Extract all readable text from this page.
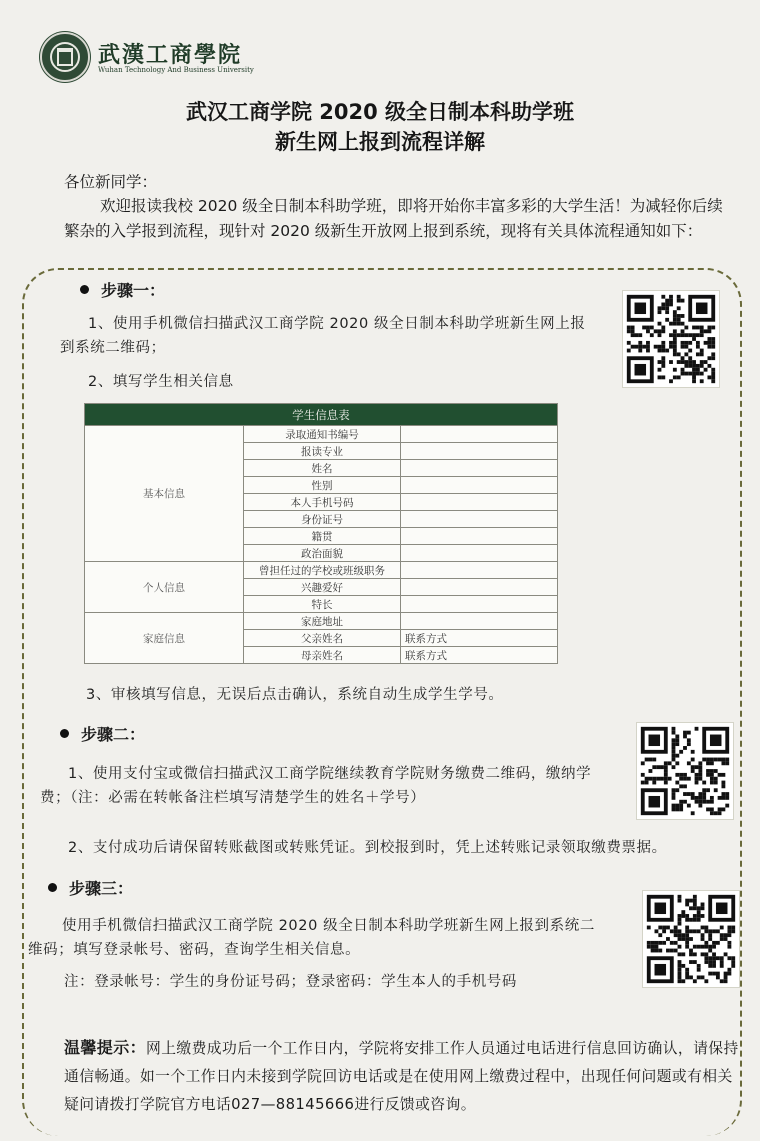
武漢工商學院
Wuhan Technology And Business University
武汉工商学院 2020 级全日制本科助学班
新生网上报到流程详解
各位新同学：
欢迎报读我校 2020 级全日制本科助学班，即将开始你丰富多彩的大学生活！为减轻你后续繁杂的入学报到流程，现针对 2020 级新生开放网上报到系统，现将有关具体流程通知如下：
步骤一：
1、使用手机微信扫描武汉工商学院 2020 级全日制本科助学班新生网上报到系统二维码；
2、填写学生相关信息
学生信息表		
基本信息	录取通知书编号	
	报读专业	
	姓名	
	性别	
	本人手机号码	
	身份证号	
	籍贯	
	政治面貌	
个人信息	曾担任过的学校或班级职务	
	兴趣爱好	
	特长	
家庭信息	家庭地址	
	父亲姓名	联系方式
	母亲姓名	联系方式
3、审核填写信息，无误后点击确认，系统自动生成学生学号。
步骤二：
1、使用支付宝或微信扫描武汉工商学院继续教育学院财务缴费二维码，缴纳学费；（注：必需在转帐备注栏填写清楚学生的姓名＋学号）
2、支付成功后请保留转账截图或转账凭证。到校报到时，凭上述转账记录领取缴费票据。
步骤三：
使用手机微信扫描武汉工商学院 2020 级全日制本科助学班新生网上报到系统二维码；填写登录帐号、密码，查询学生相关信息。
注：登录帐号：学生的身份证号码；登录密码：学生本人的手机号码
温馨提示：网上缴费成功后一个工作日内，学院将安排工作人员通过电话进行信息回访确认，请保持通信畅通。如一个工作日内未接到学院回访电话或是在使用网上缴费过程中，出现任何问题或有相关疑问请拨打学院官方电话027—88145666进行反馈或咨询。
